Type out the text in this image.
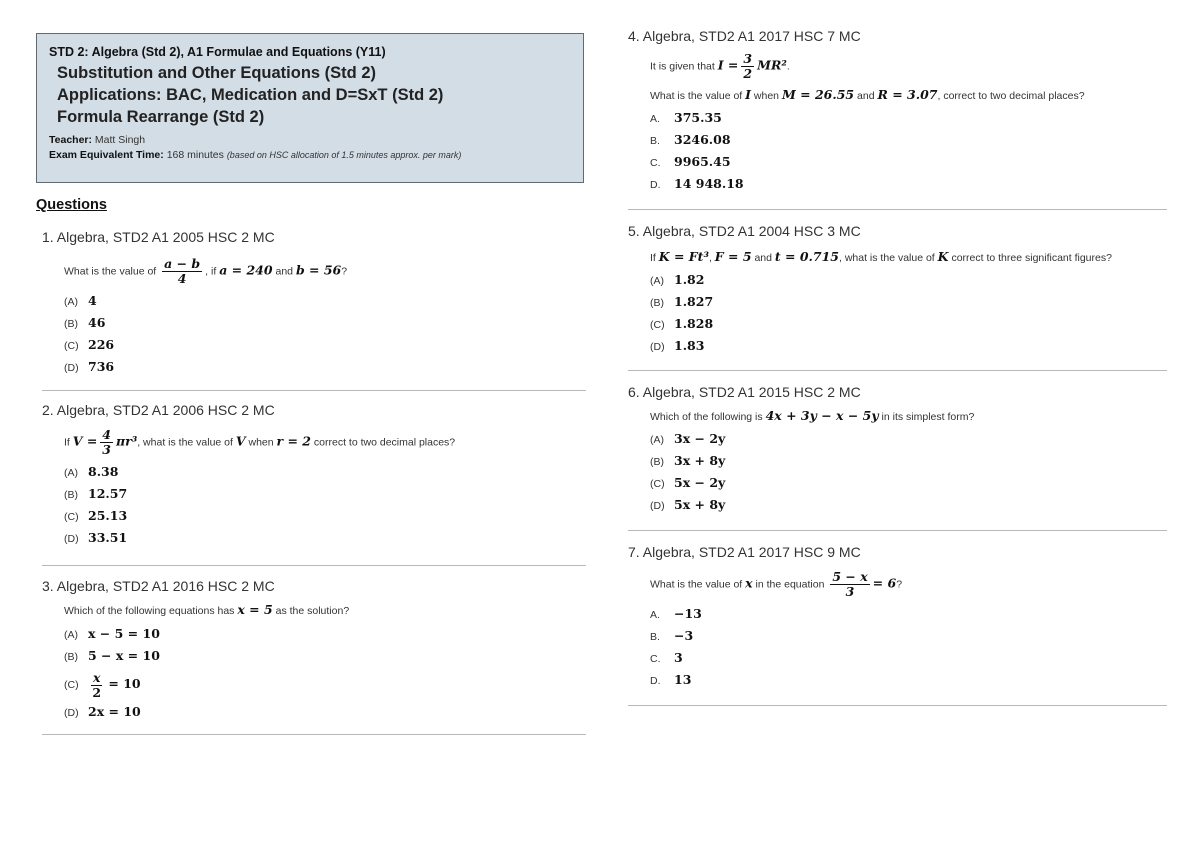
STD 2: Algebra (Std 2), A1 Formulae and Equations (Y11)
Substitution and Other Equations (Std 2)
Applications: BAC, Medication and D=SxT (Std 2)
Formula Rearrange (Std 2)
Teacher: Matt Singh
Exam Equivalent Time: 168 minutes (based on HSC allocation of 1.5 minutes approx. per mark)
Questions
1. Algebra, STD2 A1 2005 HSC 2 MC
What is the value of $\frac{a - b}{4}$ , if a = 240 and b = 56?
(A) 4
(B) 46
(C) 226
(D) 736
2. Algebra, STD2 A1 2006 HSC 2 MC
If $V = \frac{4}{3} \pi r^3$, what is the value of V when r = 2 correct to two decimal places?
(A) 8.38
(B) 12.57
(C) 25.13
(D) 33.51
3. Algebra, STD2 A1 2016 HSC 2 MC
Which of the following equations has x = 5 as the solution?
(A) x − 5 = 10
(B) 5 − x = 10
$(C) \frac{x}{2} = 10$
(D) 2x = 10
4. Algebra, STD2 A1 2017 HSC 7 MC
It is given that $I = \frac{3}{2} MR^2$.
What is the value of I when M = 26.55 and R = 3.07, correct to two decimal places?
A. 375.35
B. 3246.08
C. 9965.45
D. 14 948.18
5. Algebra, STD2 A1 2004 HSC 3 MC
If K = Ft³, F = 5 and t = 0.715, what is the value of K correct to three significant figures?
(A) 1.82
(B) 1.827
(C) 1.828
(D) 1.83
6. Algebra, STD2 A1 2015 HSC 2 MC
Which of the following is 4x + 3y − x − 5y in its simplest form?
(A) 3x − 2y
(B) 3x + 8y
(C) 5x − 2y
(D) 5x + 8y
7. Algebra, STD2 A1 2017 HSC 9 MC
What is the value of x in the equation $\frac{5 - x}{3} = 6$?
A. −13
B. −3
C. 3
D. 13
